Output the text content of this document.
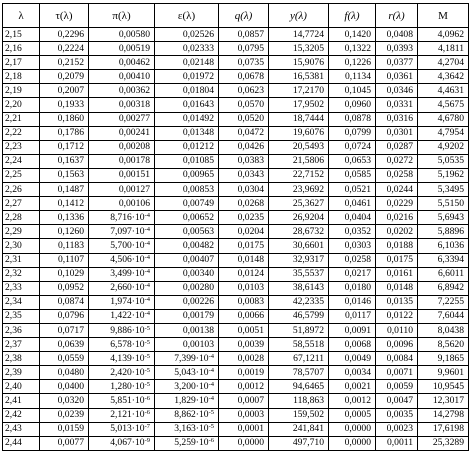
λ	τ(λ)	π(λ)	ε(λ)	q(λ)	y(λ)	f(λ)	r(λ)	M
2,15	0,2296	0,00580	0,02526	0,0857	14,7724	0,1420	0,0408	4,0962
2,16	0,2224	0,00519	0,02333	0,0795	15,3205	0,1322	0,0393	4,1811
2,17	0,2152	0,00462	0,02148	0,0735	15,9076	0,1226	0,0377	4,2704
2,18	0,2079	0,00410	0,01972	0,0678	16,5381	0,1134	0,0361	4,3642
2,19	0,2007	0,00362	0,01804	0,0623	17,2170	0,1045	0,0346	4,4631
2,20	0,1933	0,00318	0,01643	0,0570	17,9502	0,0960	0,0331	4,5675
2,21	0,1860	0,00277	0,01492	0,0520	18,7444	0,0878	0,0316	4,6780
2,22	0,1786	0,00241	0,01348	0,0472	19,6076	0,0799	0,0301	4,7954
2,23	0,1712	0,00208	0,01212	0,0426	20,5493	0,0724	0,0287	4,9202
2,24	0,1637	0,00178	0,01085	0,0383	21,5806	0,0653	0,0272	5,0535
2,25	0,1563	0,00151	0,00965	0,0343	22,7152	0,0585	0,0258	5,1962
2,26	0,1487	0,00127	0,00853	0,0304	23,9692	0,0521	0,0244	5,3495
2,27	0,1412	0,00106	0,00749	0,0268	25,3627	0,0461	0,0229	5,5150
2,28	0,1336	$8,716\cdot 10^{-4}$	0,00652	0,0235	26,9204	0,0404	0,0216	5,6943
2,29	0,1260	$7,097\cdot 10^{-4}$	0,00563	0,0204	28,6732	0,0352	0,0202	5,8896
2,30	0,1183	$5,700\cdot 10^{-4}$	0,00482	0,0175	30,6601	0,0303	0,0188	6,1036
2,31	0,1107	$4,506\cdot 10^{-4}$	0,00407	0,0148	32,9317	0,0258	0,0175	6,3394
2,32	0,1029	$3,499\cdot 10^{-4}$	0,00340	0,0124	35,5537	0,0217	0,0161	6,6011
2,33	0,0952	$2,660\cdot 10^{-4}$	0,00280	0,0103	38,6143	0,0180	0,0148	6,8942
2,34	0,0874	$1,974\cdot 10^{-4}$	0,00226	0,0083	42,2335	0,0146	0,0135	7,2255
2,35	0,0796	$1,422\cdot 10^{-4}$	0,00179	0,0066	46,5799	0,0117	0,0122	7,6044
2,36	0,0717	$9,886\cdot 10^{-5}$	0,00138	0,0051	51,8972	0,0091	0,0110	8,0438
2,37	0,0639	$6,578\cdot 10^{-5}$	0,00103	0,0039	58,5518	0,0068	0,0096	8,5620
2,38	0,0559	$4,139\cdot 10^{-5}$	$7,399\cdot 10^{-4}$	0,0028	67,1211	0,0049	0,0084	9,1865
2,39	0,0480	$2,420\cdot 10^{-5}$	$5,043\cdot 10^{-4}$	0,0019	78,5707	0,0034	0,0071	9,9601
2,40	0,0400	$1,280\cdot 10^{-5}$	$3,200\cdot 10^{-4}$	0,0012	94,6465	0,0021	0,0059	10,9545
2,41	0,0320	$5,851\cdot 10^{-6}$	$1,829\cdot 10^{-4}$	0,0007	118,863	0,0012	0,0047	12,3017
2,42	0,0239	$2,121\cdot 10^{-6}$	$8,862\cdot 10^{-5}$	0,0003	159,502	0,0005	0,0035	14,2798
2,43	0,0159	$5,013\cdot 10^{-7}$	$3,163\cdot 10^{-5}$	0,0001	241,841	0,0000	0,0023	17,6198
2,44	0,0077	$4,067\cdot 10^{-9}$	$5,259\cdot 10^{-6}$	0,0000	497,710	0,0000	0,0011	25,3289
